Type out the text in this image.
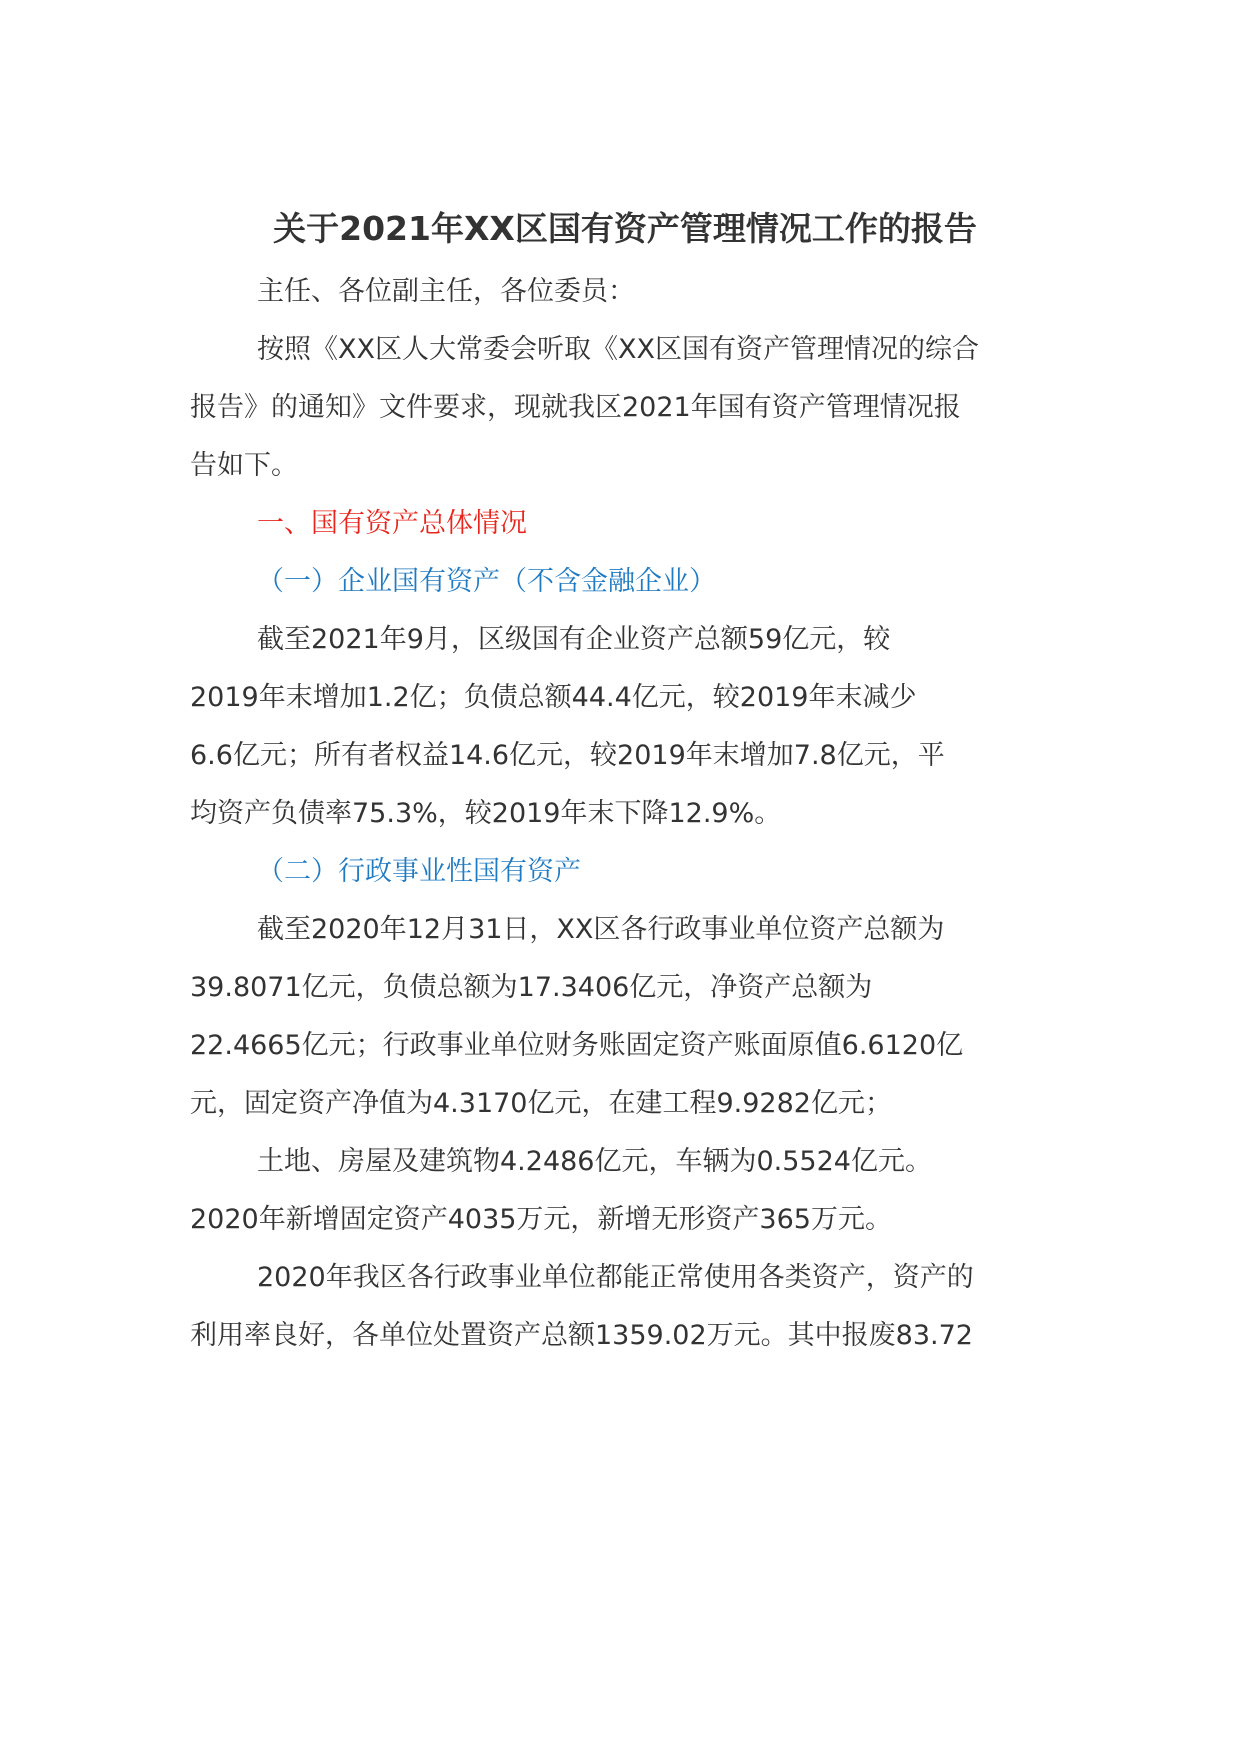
关于2021年XX区国有资产管理情况工作的报告
主任、各位副主任，各位委员：
按照《XX区人大常委会听取《XX区国有资产管理情况的综合
报告》的通知》文件要求，现就我区2021年国有资产管理情况报
告如下。
一、国有资产总体情况
（一）企业国有资产（不含金融企业）
截至2021年9月，区级国有企业资产总额59亿元，较
2019年末增加1.2亿；负债总额44.4亿元，较2019年末减少
6.6亿元；所有者权益14.6亿元，较2019年末增加7.8亿元，平
均资产负债率75.3%，较2019年末下降12.9%。
（二）行政事业性国有资产
截至2020年12月31日，XX区各行政事业单位资产总额为
39.8071亿元，负债总额为17.3406亿元，净资产总额为
22.4665亿元；行政事业单位财务账固定资产账面原值6.6120亿
元，固定资产净值为4.3170亿元，在建工程9.9282亿元；
土地、房屋及建筑物4.2486亿元，车辆为0.5524亿元。
2020年新增固定资产4035万元，新增无形资产365万元。
2020年我区各行政事业单位都能正常使用各类资产，资产的
利用率良好，各单位处置资产总额1359.02万元。其中报废83.72
